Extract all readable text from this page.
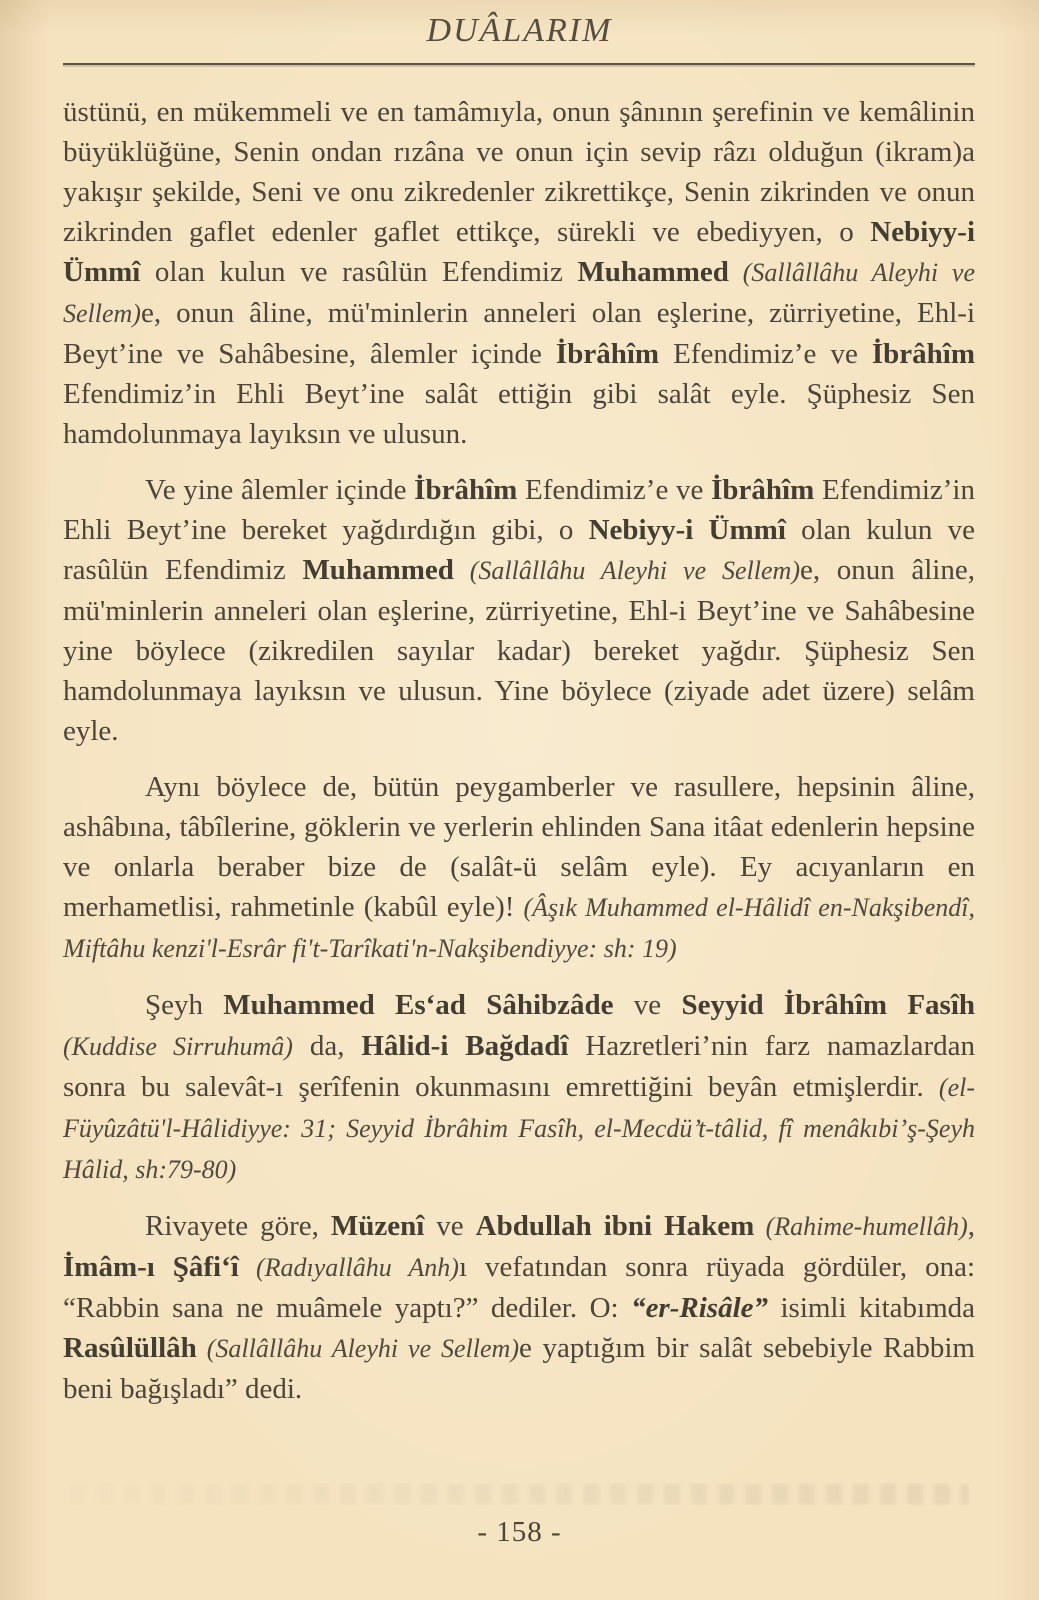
DUÂLARIM

üstünü, en mükemmeli ve en tamâmıyla, onun şânının şerefinin ve kemâlinin büyüklüğüne, Senin ondan rızâna ve onun için sevip râzı olduğun (ikram)a yakışır şekilde, Seni ve onu zikredenler zikrettikçe, Senin zikrinden ve onun zikrinden gaflet edenler gaflet ettikçe, sürekli ve ebediyyen, o Nebiyy-i Ümmî olan kulun ve rasûlün Efendimiz Muhammed (Sallâllâhu Aleyhi ve Sellem)e, onun âline, mü'minlerin anneleri olan eşlerine, zürriyetine, Ehl-i Beyt’ine ve Sahâbesine, âlemler içinde İbrâhîm Efendimiz’e ve İbrâhîm Efendimiz’in Ehli Beyt’ine salât ettiğin gibi salât eyle. Şüphesiz Sen hamdolunmaya layıksın ve ulusun.

Ve yine âlemler içinde İbrâhîm Efendimiz’e ve İbrâhîm Efendimiz’in Ehli Beyt’ine bereket yağdırdığın gibi, o Nebiyy-i Ümmî olan kulun ve rasûlün Efendimiz Muhammed (Sallâllâhu Aleyhi ve Sellem)e, onun âline, mü'minlerin anneleri olan eşlerine, zürriyetine, Ehl-i Beyt’ine ve Sahâbesine yine böylece (zikredilen sayılar kadar) bereket yağdır. Şüphesiz Sen hamdolunmaya layıksın ve ulusun. Yine böylece (ziyade adet üzere) selâm eyle.

Aynı böylece de, bütün peygamberler ve rasullere, hepsinin âline, ashâbına, tâbîlerine, göklerin ve yerlerin ehlinden Sana itâat edenlerin hepsine ve onlarla beraber bize de (salât-ü selâm eyle). Ey acıyanların en merhametlisi, rahmetinle (kabûl eyle)! (Âşık Muhammed el-Hâlidî en-Nakşibendî, Miftâhu kenzi'l-Esrâr fi't-Tarîkati'n-Nakşibendiyye: sh: 19)

Şeyh Muhammed Es‘ad Sâhibzâde ve Seyyid İbrâhîm Fasîh (Kuddise Sirruhumâ) da, Hâlid-i Bağdadî Hazretleri’nin farz namazlardan sonra bu salevât-ı şerîfenin okunmasını emrettiğini beyân etmişlerdir. (el-Füyûzâtü'l-Hâlidiyye: 31; Seyyid İbrâhim Fasîh, el-Mecdü’t-tâlid, fî menâkıbi’ş-Şeyh Hâlid, sh:79-80)

Rivayete göre, Müzenî ve Abdullah ibni Hakem (Rahime-humellâh), İmâm-ı Şâfi‘î (Radıyallâhu Anh)ı vefatından sonra rüyada gördüler, ona: “Rabbin sana ne muâmele yaptı?” dediler. O: “er-Risâle” isimli kitabımda Rasûlüllâh (Sallâllâhu Aleyhi ve Sellem)e yaptığım bir salât sebebiyle Rabbim beni bağışladı” dedi.

- 158 -
